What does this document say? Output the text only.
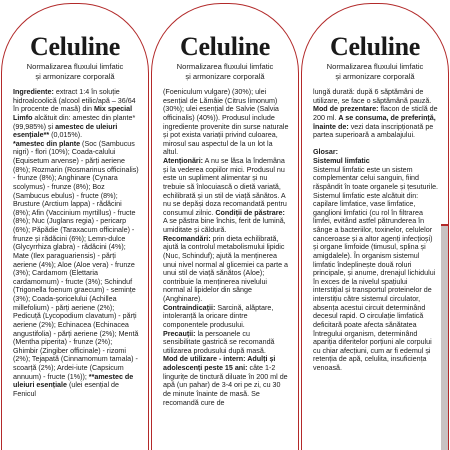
Celuline
Normalizarea fluxului limfatic
și armonizare corporală
Ingrediente: extract 1:4 în soluție hidroalcoolică (alcool etilic/apă – 36/64 în procente de masă) din Mix special Limfo alcătuit din: amestec din plante* (99,985%) și amestec de uleiuri esențiale** (0,015%).
*amestec din plante (Soc (Sambucus nigri) - flori (10%); Coada-calului (Equisetum arvense) - părți aeriene (8%); Rozmarin (Rosmarinus officinalis) - frunze (8%); Anghinare (Cynara scolymus) - frunze (8%); Boz (Sambucus ebulus) - fructe (8%); Brusture (Arctium lappa) - rădăcini (8%); Afin (Vaccinium myrtillus) - fructe (8%); Nuc (Juglans regia) - pericarp (6%); Păpădie (Taraxacum officinale) - frunze și rădăcini (6%); Lemn-dulce (Glycyrrhiza glabra) - rădăcini (4%); Mate (Ilex paraguariensis) - părți aeriene (4%); Aloe (Aloe vera) - frunze (3%); Cardamom (Elettaria cardamomum) - fructe (3%); Schinduf (Trigonella foenum graecum) - semințe (3%); Coada-șoricelului (Achillea millefolium) - părți aeriene (2%); Pedicuță (Lycopodium clavatum) - părți aeriene (2%); Echinacea (Echinacea angustifolia) - părți aeriene (2%); Mentă (Mentha piperita) - frunze (2%); Ghimbir (Zingiber officinale) - rizomi (2%); Tejapată (Cinnamomum tamala) - scoarță (2%); Ardei-iute (Capsicum annuum) - fructe (1%)); **amestec de uleiuri esențiale (ulei esențial de Fenicul
Celuline
Normalizarea fluxului limfatic
și armonizare corporală
(Foeniculum vulgare) (30%); ulei esențial de Lămâie (Citrus limonum) (30%); ulei esențial de Salvie (Salvia officinalis) (40%)). Produsul include ingrediente provenite din surse naturale și pot exista variații privind culoarea, mirosul sau aspectul de la un lot la altul.
Atenționări: A nu se lăsa la îndemâna și la vederea copiilor mici. Produsul nu este un supliment alimentar și nu trebuie să înlocuiască o dietă variată, echilibrată și un stil de viață sănătos. A nu se depăși doza recomandată pentru consumul zilnic. Condiții de păstrare: A se păstra bine închis, ferit de lumină, umiditate și căldură.
Recomandări: prin dieta echilibrată, ajută la controlul metabolismului lipidic (Nuc, Schinduf); ajută la menținerea unui nivel normal al glicemiei ca parte a unui stil de viață sănătos (Aloe); contribuie la menținerea nivelului normal al lipidelor din sânge (Anghinare).
Contraindicații: Sarcină, alăptare, intoleranță la oricare dintre componentele produsului.
Precauții: la persoanele cu sensibilitate gastrică se recomandă utilizarea produsului după masă.
Mod de utilizare - intern: Adulți și adolescenți peste 15 ani: câte 1-2 lingurițe de tinctură diluate în 200 ml de apă (un pahar) de 3-4 ori pe zi, cu 30 de minute înainte de masă. Se recomandă cure de
Celuline
Normalizarea fluxului limfatic
și armonizare corporală
lungă durată: după 6 săptămâni de utilizare, se face o săptămână pauză.
Mod de prezentare: flacon de sticlă de 200 ml. A se consuma, de preferință, înainte de: vezi data inscripționată pe partea superioară a ambalajului.

Glosar:
Sistemul limfatic
Sistemul limfatic este un sistem complementar celui sanguin, fiind răspândit în toate organele și țesuturile. Sistemul limfatic este alcătuit din: capilare limfatice, vase limfatice, ganglioni limfatici (cu rol în filtrarea limfei, evitând astfel pătrunderea în sânge a bacteriilor, toxinelor, celulelor canceroase și a altor agenți infecțioși) și organe limfoide (timusul, splina și amigdalele). În organism sistemul limfatic îndeplinește două roluri principale, și anume, drenajul lichidului în exces de la nivelul spațiului interstițial și transportul proteinelor de interstițiu către sistemul circulator, absența acestui circuit determinând decesul rapid. O circulație limfatică deficitară poate afecta sănătatea întregului organism, determinând apariția diferitelor porțiuni ale corpului cu chiar afecțiuni, cum ar fi edemul și retenția de apă, celulita, insuficiența venoasă.
